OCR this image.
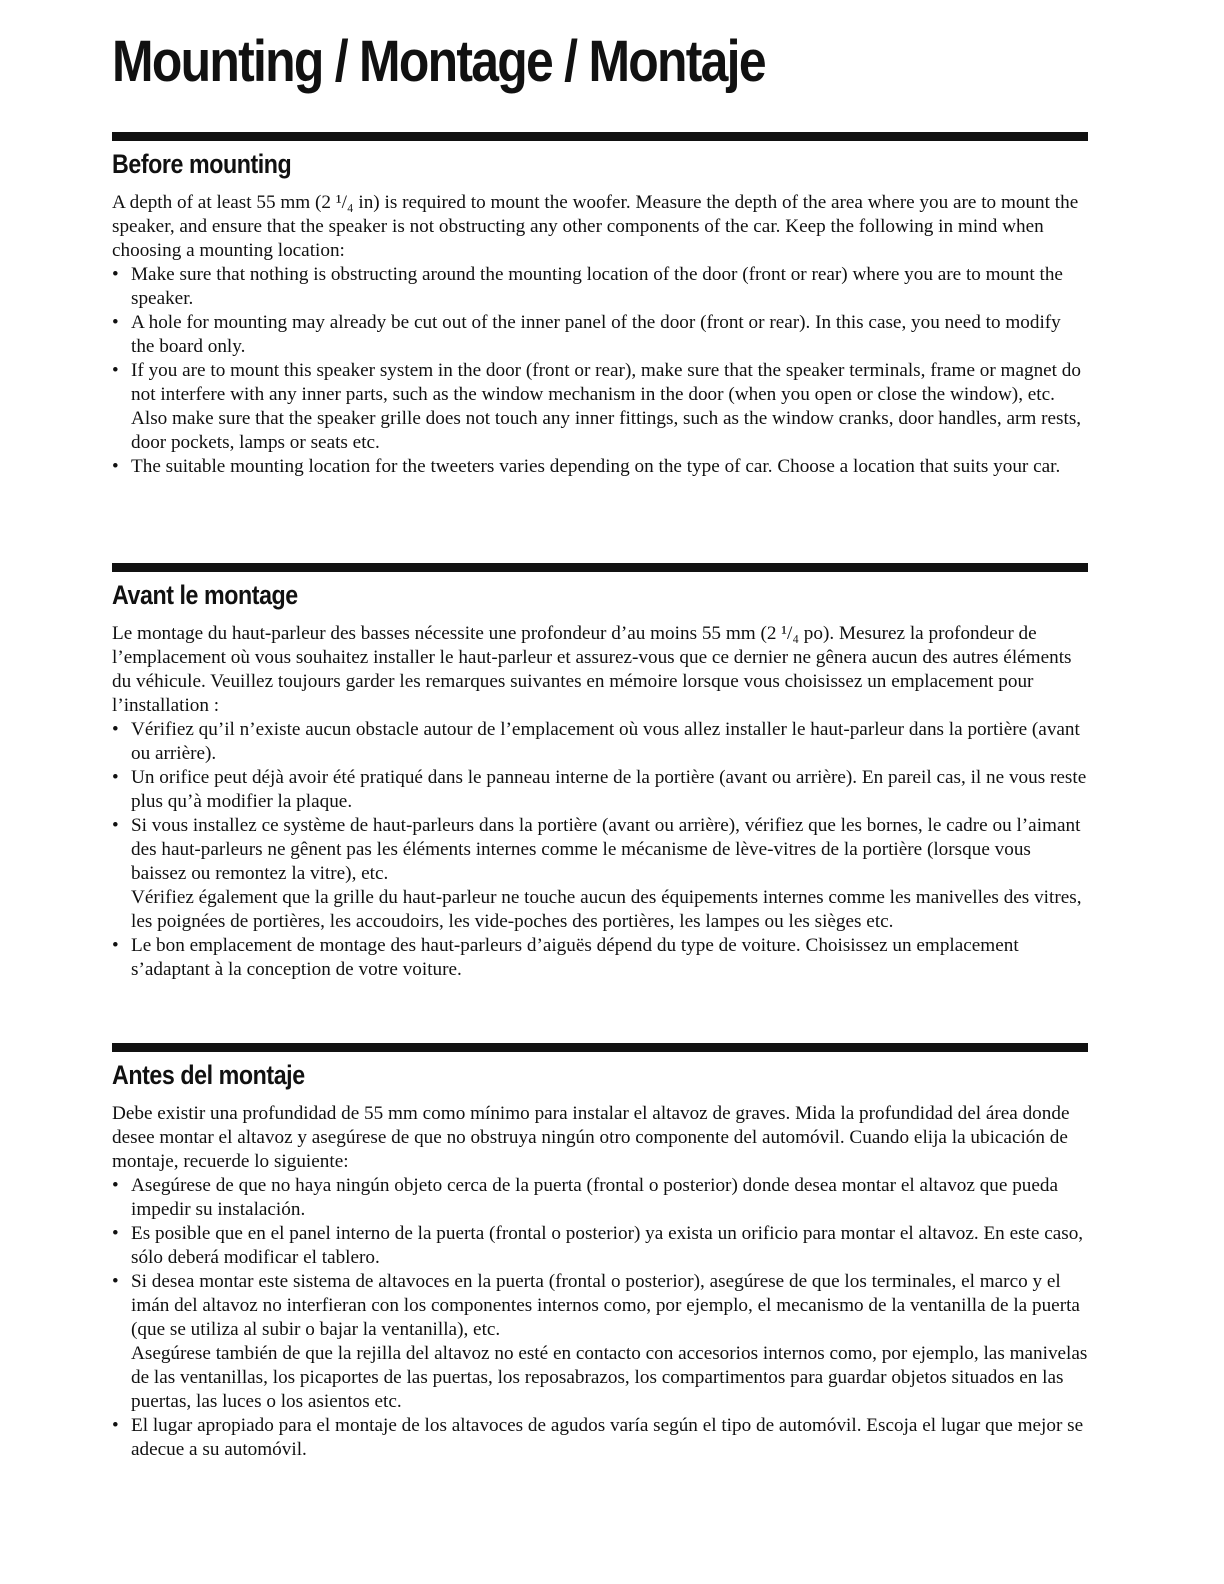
Mounting / Montage / Montaje
Before mounting

A depth of at least 55 mm (2 ¹/₄ in) is required to mount the woofer. Measure the depth of the area where you are to mount the speaker, and ensure that the speaker is not obstructing any other components of the car. Keep the following in mind when choosing a mounting location:

• Make sure that nothing is obstructing around the mounting location of the door (front or rear) where you are to mount the speaker.
• A hole for mounting may already be cut out of the inner panel of the door (front or rear). In this case, you need to modify the board only.
• If you are to mount this speaker system in the door (front or rear), make sure that the speaker terminals, frame or magnet do not interfere with any inner parts, such as the window mechanism in the door (when you open or close the window), etc.
Also make sure that the speaker grille does not touch any inner fittings, such as the window cranks, door handles, arm rests, door pockets, lamps or seats etc.
• The suitable mounting location for the tweeters varies depending on the type of car. Choose a location that suits your car.
Avant le montage

Le montage du haut-parleur des basses nécessite une profondeur d’au moins 55 mm (2 ¹/₄ po). Mesurez la profondeur de l’emplacement où vous souhaitez installer le haut-parleur et assurez-vous que ce dernier ne gênera aucun des autres éléments du véhicule. Veuillez toujours garder les remarques suivantes en mémoire lorsque vous choisissez un emplacement pour l’installation :

• Vérifiez qu’il n’existe aucun obstacle autour de l’emplacement où vous allez installer le haut-parleur dans la portière (avant ou arrière).
• Un orifice peut déjà avoir été pratiqué dans le panneau interne de la portière (avant ou arrière). En pareil cas, il ne vous reste plus qu’à modifier la plaque.
• Si vous installez ce système de haut-parleurs dans la portière (avant ou arrière), vérifiez que les bornes, le cadre ou l’aimant des haut-parleurs ne gênent pas les éléments internes comme le mécanisme de lève-vitres de la portière (lorsque vous baissez ou remontez la vitre), etc.
Vérifiez également que la grille du haut-parleur ne touche aucun des équipements internes comme les manivelles des vitres, les poignées de portières, les accoudoirs, les vide-poches des portières, les lampes ou les sièges etc.
• Le bon emplacement de montage des haut-parleurs d’aiguës dépend du type de voiture. Choisissez un emplacement s’adaptant à la conception de votre voiture.
Antes del montaje

Debe existir una profundidad de 55 mm como mínimo para instalar el altavoz de graves. Mida la profundidad del área donde desee montar el altavoz y asegúrese de que no obstruya ningún otro componente del automóvil. Cuando elija la ubicación de montaje, recuerde lo siguiente:

• Asegúrese de que no haya ningún objeto cerca de la puerta (frontal o posterior) donde desea montar el altavoz que pueda impedir su instalación.
• Es posible que en el panel interno de la puerta (frontal o posterior) ya exista un orificio para montar el altavoz. En este caso, sólo deberá modificar el tablero.
• Si desea montar este sistema de altavoces en la puerta (frontal o posterior), asegúrese de que los terminales, el marco y el imán del altavoz no interfieran con los componentes internos como, por ejemplo, el mecanismo de la ventanilla de la puerta (que se utiliza al subir o bajar la ventanilla), etc.
Asegúrese también de que la rejilla del altavoz no esté en contacto con accesorios internos como, por ejemplo, las manivelas de las ventanillas, los picaportes de las puertas, los reposabrazos, los compartimentos para guardar objetos situados en las puertas, las luces o los asientos etc.
• El lugar apropiado para el montaje de los altavoces de agudos varía según el tipo de automóvil. Escoja el lugar que mejor se adecue a su automóvil.
